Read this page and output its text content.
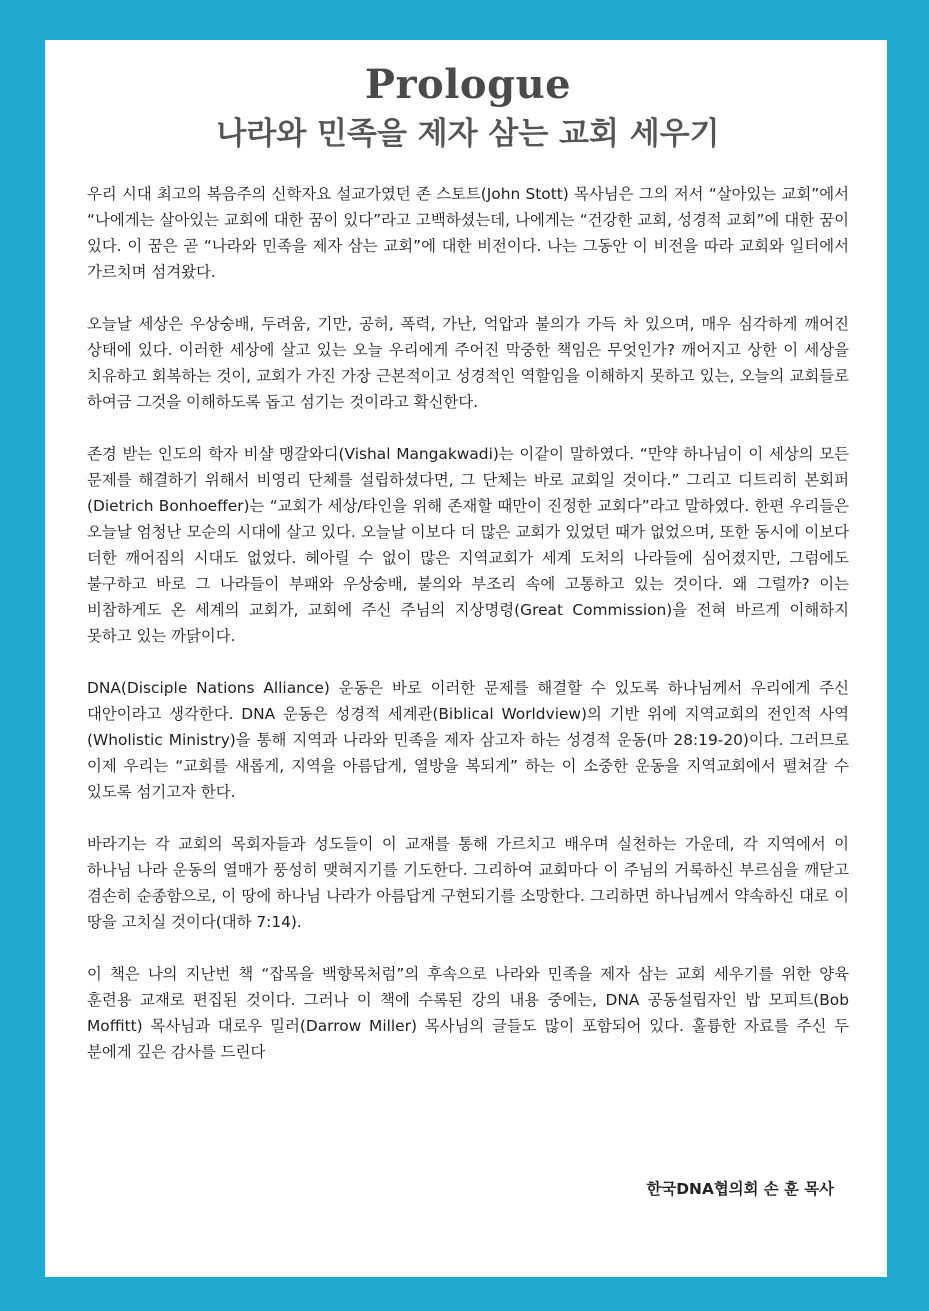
Prologue
나라와 민족을 제자 삼는 교회 세우기

우리 시대 최고의 복음주의 신학자요 설교가였던 존 스토트(John Stott) 목사님은 그의 저서 “살아있는 교회”에서 “나에게는 살아있는 교회에 대한 꿈이 있다”라고 고백하셨는데, 나에게는 “건강한 교회, 성경적 교회”에 대한 꿈이 있다. 이 꿈은 곧 “나라와 민족을 제자 삼는 교회”에 대한 비전이다. 나는 그동안 이 비전을 따라 교회와 일터에서 가르치며 섬겨왔다.

오늘날 세상은 우상숭배, 두려움, 기만, 공허, 폭력, 가난, 억압과 불의가 가득 차 있으며, 매우 심각하게 깨어진 상태에 있다. 이러한 세상에 살고 있는 오늘 우리에게 주어진 막중한 책임은 무엇인가? 깨어지고 상한 이 세상을 치유하고 회복하는 것이, 교회가 가진 가장 근본적이고 성경적인 역할임을 이해하지 못하고 있는, 오늘의 교회들로 하여금 그것을 이해하도록 돕고 섬기는 것이라고 확신한다.

존경 받는 인도의 학자 비샬 맹갈와디(Vishal Mangakwadi)는 이같이 말하였다. “만약 하나님이 이 세상의 모든 문제를 해결하기 위해서 비영리 단체를 설립하셨다면, 그 단체는 바로 교회일 것이다.” 그리고 디트리히 본회퍼(Dietrich Bonhoeffer)는 “교회가 세상/타인을 위해 존재할 때만이 진정한 교회다”라고 말하였다. 한편 우리들은 오늘날 엄청난 모순의 시대에 살고 있다. 오늘날 이보다 더 많은 교회가 있었던 때가 없었으며, 또한 동시에 이보다 더한 깨어짐의 시대도 없었다. 헤아릴 수 없이 많은 지역교회가 세계 도처의 나라들에 심어졌지만, 그럼에도 불구하고 바로 그 나라들이 부패와 우상숭배, 불의와 부조리 속에 고통하고 있는 것이다. 왜 그럴까? 이는 비참하게도 온 세계의 교회가, 교회에 주신 주님의 지상명령(Great Commission)을 전혀 바르게 이해하지 못하고 있는 까닭이다.

DNA(Disciple Nations Alliance) 운동은 바로 이러한 문제를 해결할 수 있도록 하나님께서 우리에게 주신 대안이라고 생각한다. DNA 운동은 성경적 세계관(Biblical Worldview)의 기반 위에 지역교회의 전인적 사역(Wholistic Ministry)을 통해 지역과 나라와 민족을 제자 삼고자 하는 성경적 운동(마 28:19-20)이다. 그러므로 이제 우리는 “교회를 새롭게, 지역을 아름답게, 열방을 복되게” 하는 이 소중한 운동을 지역교회에서 펼쳐갈 수 있도록 섬기고자 한다.

바라기는 각 교회의 목회자들과 성도들이 이 교재를 통해 가르치고 배우며 실천하는 가운데, 각 지역에서 이 하나님 나라 운동의 열매가 풍성히 맺혀지기를 기도한다. 그리하여 교회마다 이 주님의 거룩하신 부르심을 깨닫고 겸손히 순종함으로, 이 땅에 하나님 나라가 아름답게 구현되기를 소망한다. 그리하면 하나님께서 약속하신 대로 이 땅을 고치실 것이다(대하 7:14).

이 책은 나의 지난번 책 “잡목을 백향목처럼”의 후속으로 나라와 민족을 제자 삼는 교회 세우기를 위한 양육 훈련용 교재로 편집된 것이다. 그러나 이 책에 수록된 강의 내용 중에는, DNA 공동설립자인 밥 모피트(Bob Moffitt) 목사님과 대로우 밀러(Darrow Miller) 목사님의 글들도 많이 포함되어 있다. 훌륭한 자료를 주신 두 분에게 깊은 감사를 드린다

한국DNA협의회 손 훈 목사
